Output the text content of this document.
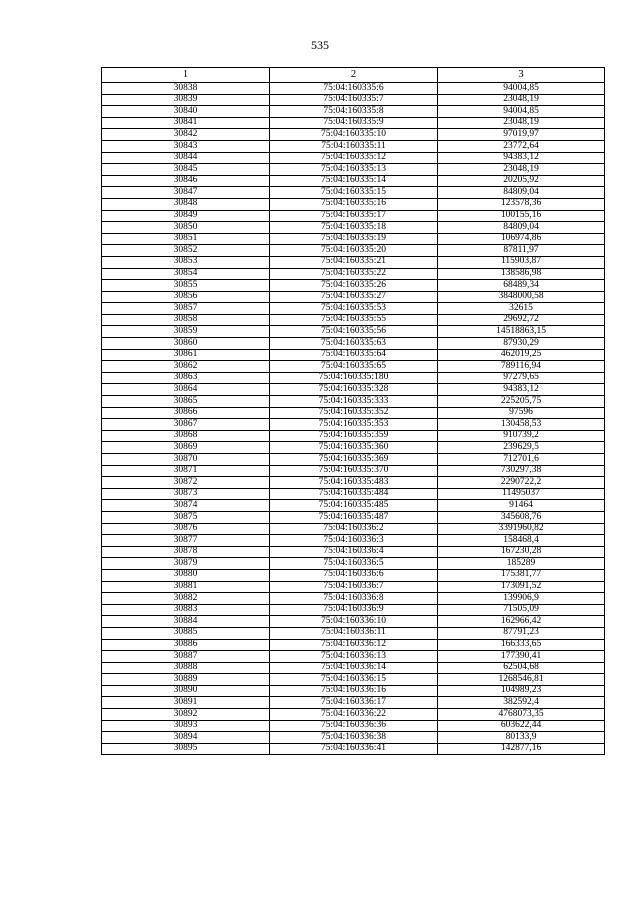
535
1	2	3
30838	75:04:160335:6	94004,85
30839	75:04:160335:7	23048,19
30840	75:04:160335:8	94004,85
30841	75:04:160335:9	23048,19
30842	75:04:160335:10	97019,97
30843	75:04:160335:11	23772,64
30844	75:04:160335:12	94383,12
30845	75:04:160335:13	23048,19
30846	75:04:160335:14	20205,92
30847	75:04:160335:15	84809,04
30848	75:04:160335:16	123578,36
30849	75:04:160335:17	100155,16
30850	75:04:160335:18	84809,04
30851	75:04:160335:19	106974,86
30852	75:04:160335:20	87811,97
30853	75:04:160335:21	115903,87
30854	75:04:160335:22	138586,98
30855	75:04:160335:26	68489,34
30856	75:04:160335:27	3848000,58
30857	75:04:160335:53	32615
30858	75:04:160335:55	29692,72
30859	75:04:160335:56	14518863,15
30860	75:04:160335:63	87930,29
30861	75:04:160335:64	462019,25
30862	75:04:160335:65	789116,94
30863	75:04:160335:180	97279,65
30864	75:04:160335:328	94383,12
30865	75:04:160335:333	225205,75
30866	75:04:160335:352	97596
30867	75:04:160335:353	130458,53
30868	75:04:160335:359	910739,2
30869	75:04:160335:360	239629,5
30870	75:04:160335:369	712701,6
30871	75:04:160335:370	730297,38
30872	75:04:160335:483	2290722,2
30873	75:04:160335:484	11495037
30874	75:04:160335:485	91464
30875	75:04:160335:487	345608,76
30876	75:04:160336:2	3391960,82
30877	75:04:160336:3	158468,4
30878	75:04:160336:4	167230,28
30879	75:04:160336:5	185289
30880	75:04:160336:6	175381,77
30881	75:04:160336:7	173091,52
30882	75:04:160336:8	139906,9
30883	75:04:160336:9	71505,09
30884	75:04:160336:10	162966,42
30885	75:04:160336:11	87791,23
30886	75:04:160336:12	166333,65
30887	75:04:160336:13	177390,41
30888	75:04:160336:14	62504,68
30889	75:04:160336:15	1268546,81
30890	75:04:160336:16	104989,23
30891	75:04:160336:17	382592,4
30892	75:04:160336:22	4768073,35
30893	75:04:160336:36	603622,44
30894	75:04:160336:38	80133,9
30895	75:04:160336:41	142877,16
